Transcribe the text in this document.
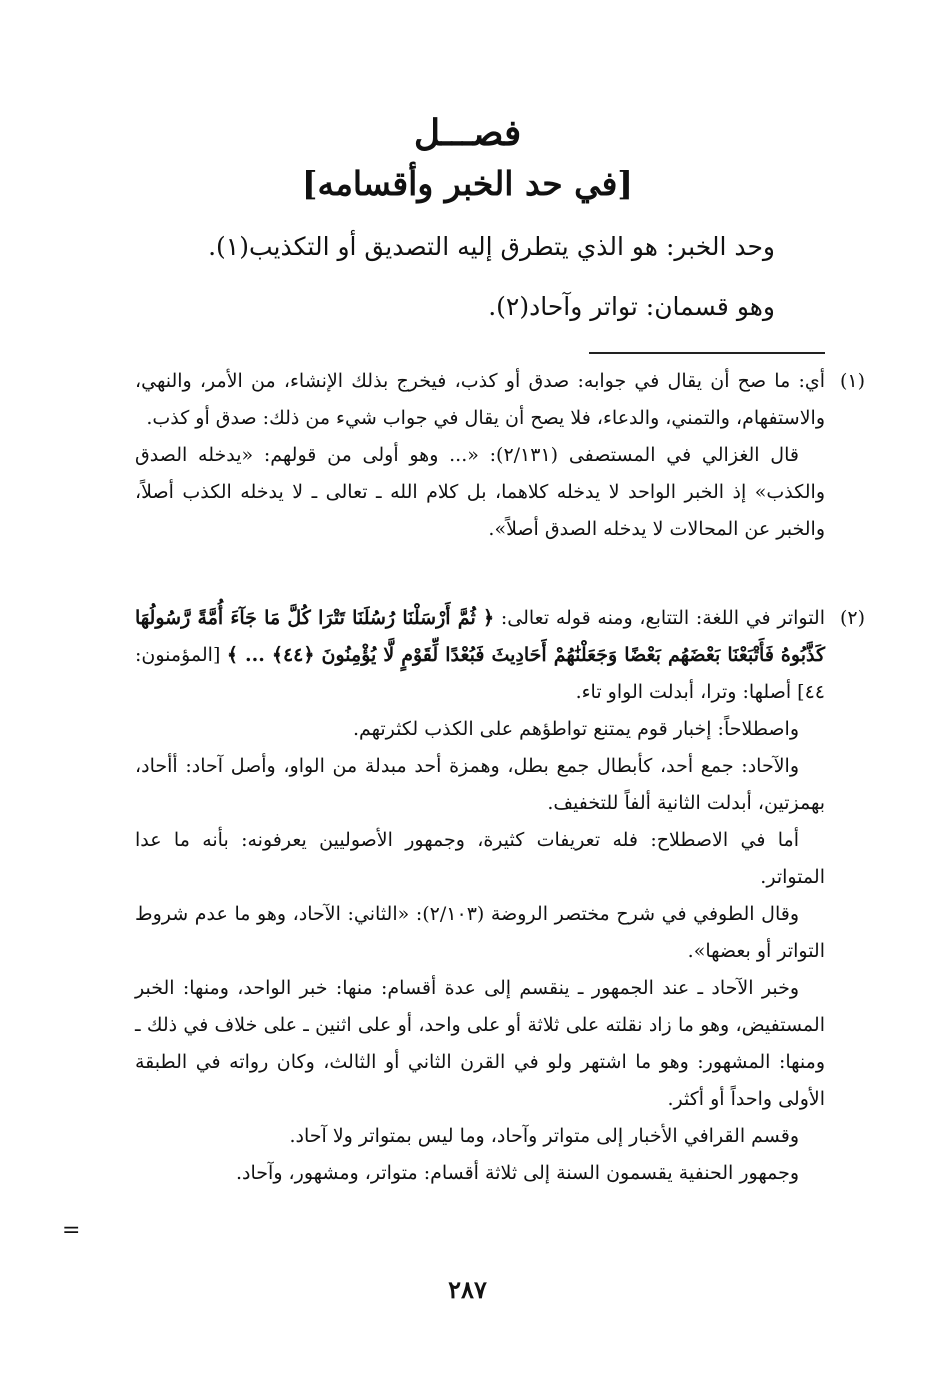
فصـــل
[في حد الخبر وأقسامه]
وحد الخبر: هو الذي يتطرق إليه التصديق أو التكذيب(١).
وهو قسمان: تواتر وآحاد(٢).
(١)

أي: ما صح أن يقال في جوابه: صدق أو كذب، فيخرج بذلك الإنشاء، من الأمر، والنهي، والاستفهام، والتمني، والدعاء، فلا يصح أن يقال في جواب شيء من ذلك: صدق أو كذب.

قال الغزالي في المستصفى (٢/١٣١): «... وهو أولى من قولهم: «يدخله الصدق والكذب» إذ الخبر الواحد لا يدخله كلاهما، بل كلام الله ـ تعالى ـ لا يدخله الكذب أصلاً، والخبر عن المحالات لا يدخله الصدق أصلاً».

(٢)

التواتر في اللغة: التتابع، ومنه قوله تعالى: ﴿ ثُمَّ أَرْسَلْنَا رُسُلَنَا تَتْرَا كُلَّ مَا جَآءَ أُمَّةً رَّسُولُهَا كَذَّبُوهُ فَأَتْبَعْنَا بَعْضَهُم بَعْضًا وَجَعَلْنَٰهُمْ أَحَادِيثَ فَبُعْدًا لِّقَوْمٍ لَّا يُؤْمِنُونَ ﴿٤٤﴾ ... ﴾ [المؤمنون: ٤٤] أصلها: وترا، أبدلت الواو تاء.

واصطلاحاً: إخبار قوم يمتنع تواطؤهم على الكذب لكثرتهم.

والآحاد: جمع أحد، كأبطال جمع بطل، وهمزة أحد مبدلة من الواو، وأصل آحاد: أأحاد، بهمزتين، أبدلت الثانية ألفاً للتخفيف.

أما في الاصطلاح: فله تعريفات كثيرة، وجمهور الأصوليين يعرفونه: بأنه ما عدا المتواتر.

وقال الطوفي في شرح مختصر الروضة (٢/١٠٣): «الثاني: الآحاد، وهو ما عدم شروط التواتر أو بعضها».

وخبر الآحاد ـ عند الجمهور ـ ينقسم إلى عدة أقسام: منها: خبر الواحد، ومنها: الخبر المستفيض، وهو ما زاد نقلته على ثلاثة أو على واحد، أو على اثنين ـ على خلاف في ذلك ـ ومنها: المشهور: وهو ما اشتهر ولو في القرن الثاني أو الثالث، وكان رواته في الطبقة الأولى واحداً أو أكثر.

وقسم القرافي الأخبار إلى متواتر وآحاد، وما ليس بمتواتر ولا آحاد.

وجمهور الحنفية يقسمون السنة إلى ثلاثة أقسام: متواتر، ومشهور، وآحاد.

=
٢٨٧
